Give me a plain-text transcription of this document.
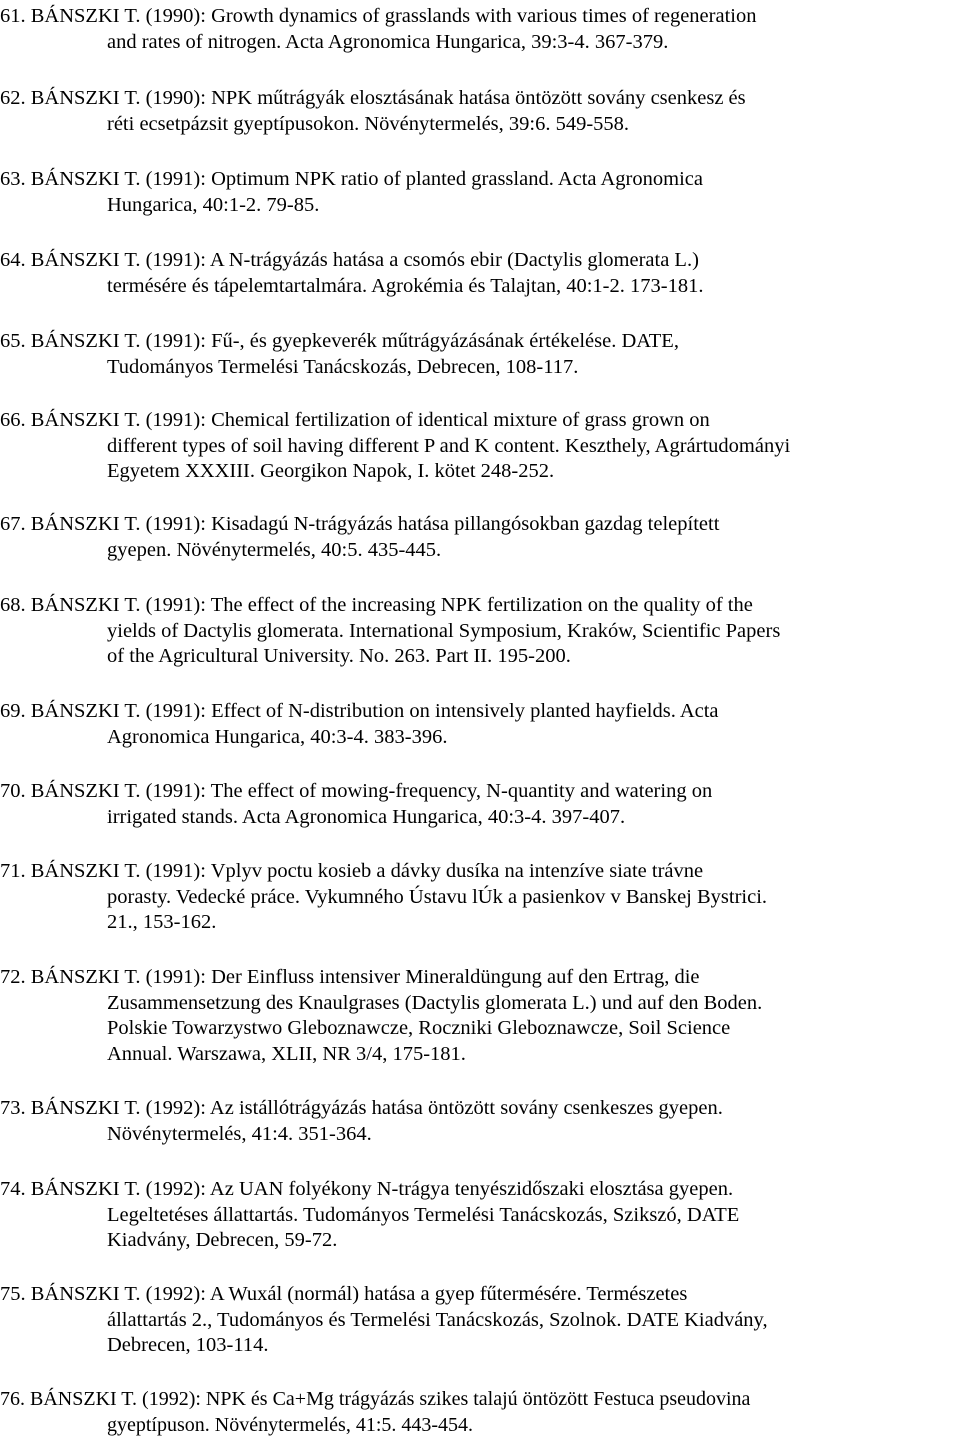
61. BÁNSZKI T. (1990): Growth dynamics of grasslands with various times of regeneration
and rates of nitrogen. Acta Agronomica Hungarica, 39:3-4. 367-379.
62. BÁNSZKI T. (1990): NPK műtrágyák elosztásának hatása öntözött sovány csenkesz és
réti ecsetpázsit gyeptípusokon. Növénytermelés, 39:6. 549-558.
63. BÁNSZKI T. (1991): Optimum NPK ratio of planted grassland. Acta Agronomica
Hungarica, 40:1-2. 79-85.
64. BÁNSZKI T. (1991): A N-trágyázás hatása a csomós ebir (Dactylis glomerata L.)
termésére és tápelemtartalmára. Agrokémia és Talajtan, 40:1-2. 173-181.
65. BÁNSZKI T. (1991): Fű-, és gyepkeverék műtrágyázásának értékelése. DATE,
Tudományos Termelési Tanácskozás, Debrecen, 108-117.
66. BÁNSZKI T. (1991): Chemical fertilization of identical mixture of grass grown on
different types of soil having different P and K content. Keszthely, Agrártudományi
Egyetem XXXIII. Georgikon Napok, I. kötet 248-252.
67. BÁNSZKI T. (1991): Kisadagú N-trágyázás hatása pillangósokban gazdag telepített
gyepen. Növénytermelés, 40:5. 435-445.
68. BÁNSZKI T. (1991): The effect of the increasing NPK fertilization on the quality of the
yields of Dactylis glomerata. International Symposium, Kraków, Scientific Papers
of the Agricultural University. No. 263. Part II. 195-200.
69. BÁNSZKI T. (1991): Effect of N-distribution on intensively planted hayfields. Acta
Agronomica Hungarica, 40:3-4. 383-396.
70. BÁNSZKI T. (1991): The effect of mowing-frequency, N-quantity and watering on
irrigated stands. Acta Agronomica Hungarica, 40:3-4. 397-407.
71. BÁNSZKI T. (1991): Vplyv poctu kosieb a dávky dusíka na intenzíve siate trávne
porasty. Vedecké práce. Vykumného Ústavu lÚk a pasienkov v Banskej Bystrici.
21., 153-162.
72. BÁNSZKI T. (1991): Der Einfluss intensiver Mineraldüngung auf den Ertrag, die
Zusammensetzung des Knaulgrases (Dactylis glomerata L.) und auf den Boden.
Polskie Towarzystwo Gleboznawcze, Roczniki Gleboznawcze, Soil Science
Annual. Warszawa, XLII, NR 3/4, 175-181.
73. BÁNSZKI T. (1992): Az istállótrágyázás hatása öntözött sovány csenkeszes gyepen.
Növénytermelés, 41:4. 351-364.
74. BÁNSZKI T. (1992): Az UAN folyékony N-trágya tenyészidőszaki elosztása gyepen.
Legeltetéses állattartás. Tudományos Termelési Tanácskozás, Szikszó, DATE
Kiadvány, Debrecen, 59-72.
75. BÁNSZKI T. (1992): A Wuxál (normál) hatása a gyep fűtermésére. Természetes
állattartás 2., Tudományos és Termelési Tanácskozás, Szolnok. DATE Kiadvány,
Debrecen, 103-114.
76. BÁNSZKI T. (1992): NPK és Ca+Mg trágyázás szikes talajú öntözött Festuca pseudovina
gyeptípuson. Növénytermelés, 41:5. 443-454.
